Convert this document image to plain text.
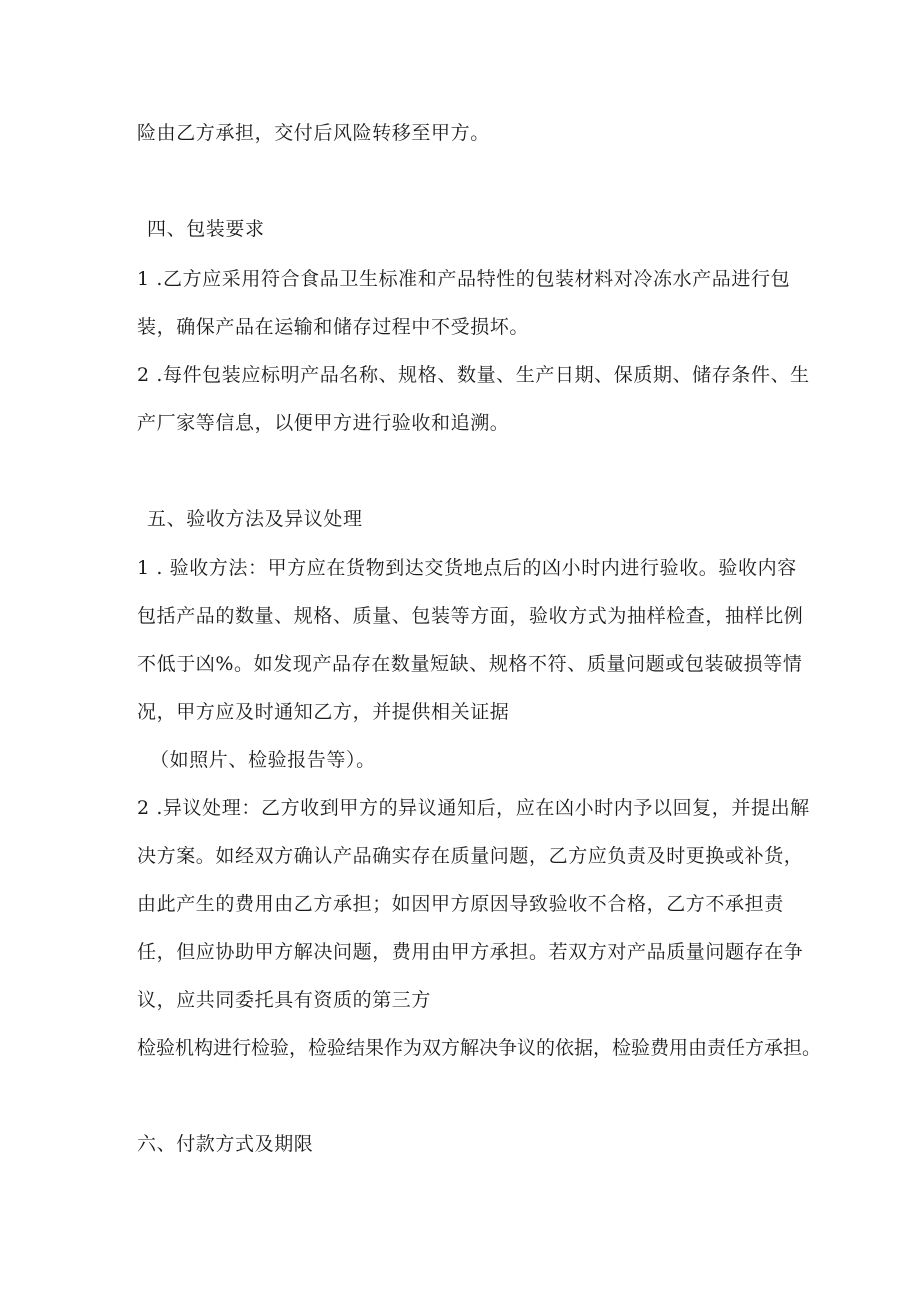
险由乙方承担，交付后风险转移至甲方。
四、包装要求
1 .乙方应采用符合食品卫生标准和产品特性的包装材料对冷冻水产品进行包
装，确保产品在运输和储存过程中不受损坏。
2 .每件包装应标明产品名称、规格、数量、生产日期、保质期、储存条件、生
产厂家等信息，以便甲方进行验收和追溯。
五、验收方法及异议处理
1 . 验收方法：甲方应在货物到达交货地点后的凶小时内进行验收。验收内容
包括产品的数量、规格、质量、包装等方面，验收方式为抽样检查，抽样比例
不低于凶%。如发现产品存在数量短缺、规格不符、质量问题或包装破损等情
况，甲方应及时通知乙方，并提供相关证据
（如照片、检验报告等）。
2 .异议处理：乙方收到甲方的异议通知后，应在凶小时内予以回复，并提出解
决方案。如经双方确认产品确实存在质量问题，乙方应负责及时更换或补货，
由此产生的费用由乙方承担；如因甲方原因导致验收不合格，乙方不承担责
任，但应协助甲方解决问题，费用由甲方承担。若双方对产品质量问题存在争
议，应共同委托具有资质的第三方
检验机构进行检验，检验结果作为双方解决争议的依据，检验费用由责任方承担。
六、付款方式及期限
